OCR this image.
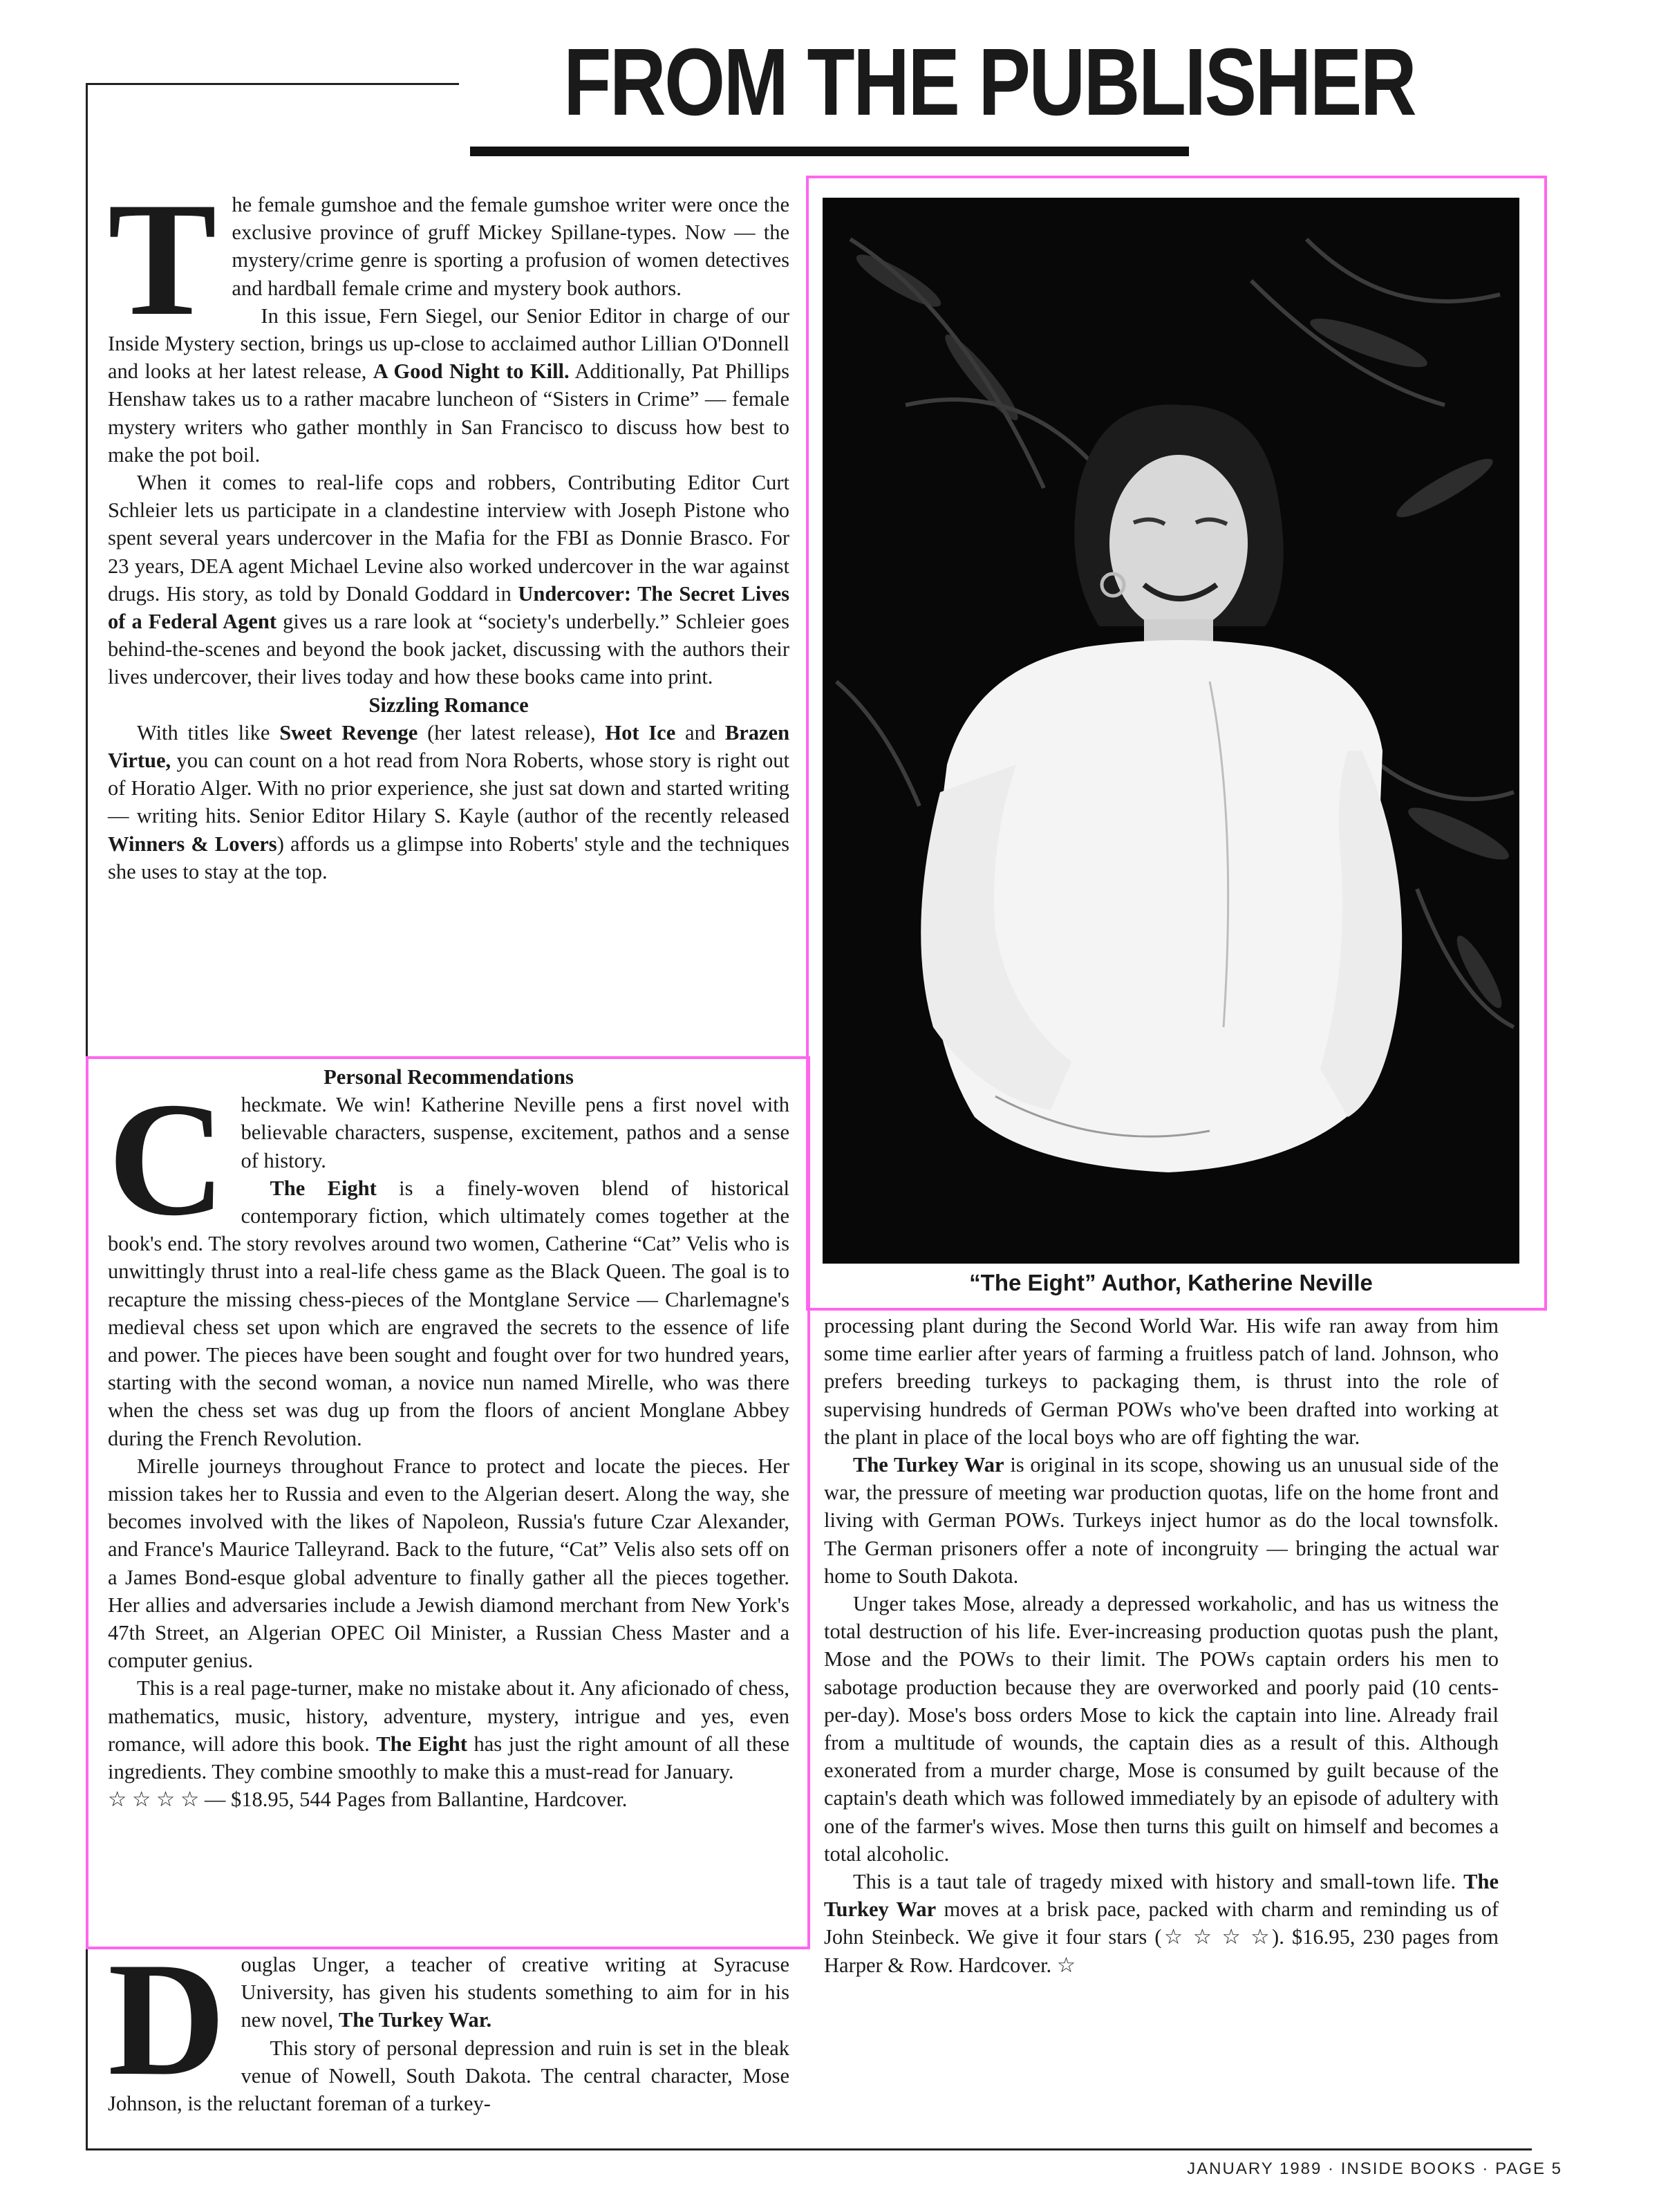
FROM THE PUBLISHER
T he female gumshoe and the female gumshoe writer were once the exclusive province of gruff Mickey Spillane-types. Now — the mystery/crime genre is sporting a profusion of women detectives and hardball female crime and mystery book authors.

In this issue, Fern Siegel, our Senior Editor in charge of our Inside Mystery section, brings us up-close to acclaimed author Lillian O'Donnell and looks at her latest release, A Good Night to Kill. Additionally, Pat Phillips Henshaw takes us to a rather macabre luncheon of “Sisters in Crime” — female mystery writers who gather monthly in San Francisco to discuss how best to make the pot boil.

When it comes to real-life cops and robbers, Contributing Editor Curt Schleier lets us participate in a clandestine interview with Joseph Pistone who spent several years undercover in the Mafia for the FBI as Donnie Brasco. For 23 years, DEA agent Michael Levine also worked undercover in the war against drugs. His story, as told by Donald Goddard in Undercover: The Secret Lives of a Federal Agent gives us a rare look at “society's underbelly.” Schleier goes behind-the-scenes and beyond the book jacket, discussing with the authors their lives undercover, their lives today and how these books came into print.

Sizzling Romance

With titles like Sweet Revenge (her latest release), Hot Ice and Brazen Virtue, you can count on a hot read from Nora Roberts, whose story is right out of Horatio Alger. With no prior experience, she just sat down and started writing — writing hits. Senior Editor Hilary S. Kayle (author of the recently released Winners & Lovers) affords us a glimpse into Roberts' style and the techniques she uses to stay at the top.

Personal Recommendations

C heckmate. We win! Katherine Neville pens a first novel with believable characters, suspense, excitement, pathos and a sense of history.

The Eight is a finely-woven blend of historical contemporary fiction, which ultimately comes together at the book's end. The story revolves around two women, Catherine “Cat” Velis who is unwittingly thrust into a real-life chess game as the Black Queen. The goal is to recapture the missing chess-pieces of the Montglane Service — Charlemagne's medieval chess set upon which are engraved the secrets to the essence of life and power. The pieces have been sought and fought over for two hundred years, starting with the second woman, a novice nun named Mirelle, who was there when the chess set was dug up from the floors of ancient Monglane Abbey during the French Revolution.

Mirelle journeys throughout France to protect and locate the pieces. Her mission takes her to Russia and even to the Algerian desert. Along the way, she becomes involved with the likes of Napoleon, Russia's future Czar Alexander, and France's Maurice Talleyrand. Back to the future, “Cat” Velis also sets off on a James Bond-esque global adventure to finally gather all the pieces together. Her allies and adversaries include a Jewish diamond merchant from New York's 47th Street, an Algerian OPEC Oil Minister, a Russian Chess Master and a computer genius.

This is a real page-turner, make no mistake about it. Any aficionado of chess, mathematics, music, history, adventure, mystery, intrigue and yes, even romance, will adore this book. The Eight has just the right amount of all these ingredients. They combine smoothly to make this a must-read for January.

☆ ☆ ☆ ☆ — $18.95, 544 Pages from Ballantine, Hardcover.

D ouglas Unger, a teacher of creative writing at Syracuse University, has given his students something to aim for in his new novel, The Turkey War.

This story of personal depression and ruin is set in the bleak venue of Nowell, South Dakota. The central character, Mose Johnson, is the reluctant foreman of a turkey-

“The Eight” Author, Katherine Neville

processing plant during the Second World War. His wife ran away from him some time earlier after years of farming a fruitless patch of land. Johnson, who prefers breeding turkeys to packaging them, is thrust into the role of supervising hundreds of German POWs who've been drafted into working at the plant in place of the local boys who are off fighting the war.

The Turkey War is original in its scope, showing us an unusual side of the war, the pressure of meeting war production quotas, life on the home front and living with German POWs. Turkeys inject humor as do the local townsfolk. The German prisoners offer a note of incongruity — bringing the actual war home to South Dakota.

Unger takes Mose, already a depressed workaholic, and has us witness the total destruction of his life. Ever-increasing production quotas push the plant, Mose and the POWs to their limit. The POWs captain orders his men to sabotage production because they are overworked and poorly paid (10 cents-per-day). Mose's boss orders Mose to kick the captain into line. Already frail from a multitude of wounds, the captain dies as a result of this. Although exonerated from a murder charge, Mose is consumed by guilt because of the captain's death which was followed immediately by an episode of adultery with one of the farmer's wives. Mose then turns this guilt on himself and becomes a total alcoholic.

This is a taut tale of tragedy mixed with history and small-town life. The Turkey War moves at a brisk pace, packed with charm and reminding us of John Steinbeck. We give it four stars (☆ ☆ ☆ ☆). $16.95, 230 pages from Harper & Row. Hardcover. ☆

JANUARY 1989 · INSIDE BOOKS · PAGE 5
